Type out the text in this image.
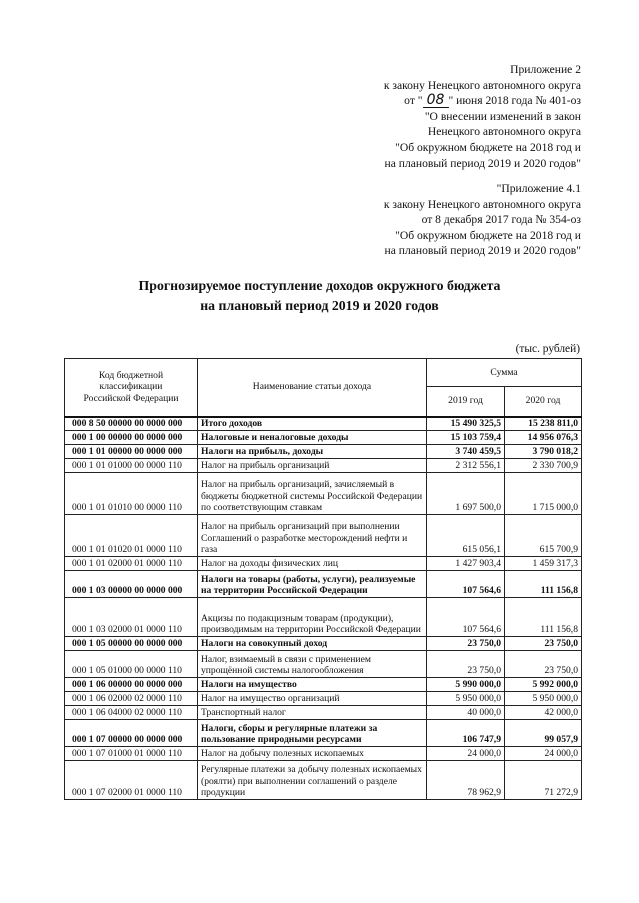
Приложение 2
к закону Ненецкого автономного округа
от " 08 " июня 2018 года № 401-оз
"О внесении изменений в закон
Ненецкого автономного округа
"Об окружном бюджете на 2018 год и
на плановый период 2019 и 2020 годов"
"Приложение 4.1
к закону Ненецкого автономного округа
от 8 декабря 2017 года № 354-оз
"Об окружном бюджете на 2018 год и
на плановый период 2019 и 2020 годов"
Прогнозируемое поступление доходов окружного бюджета
на плановый период 2019 и 2020 годов
(тыс. рублей)
Код бюджетной классификации Российской Федерации	Наименование статьи дохода	Сумма	
		2019 год	2020 год
000 8 50 00000 00 0000 000	Итого доходов	15 490 325,5	15 238 811,0
000 1 00 00000 00 0000 000	Налоговые и неналоговые доходы	15 103 759,4	14 956 076,3
000 1 01 00000 00 0000 000	Налоги на прибыль, доходы	3 740 459,5	3 790 018,2
000 1 01 01000 00 0000 110	Налог на прибыль организаций	2 312 556,1	2 330 700,9
000 1 01 01010 00 0000 110	Налог на прибыль организаций, зачисляемый в бюджеты бюджетной системы Российской Федерации по соответствующим ставкам	1 697 500,0	1 715 000,0
000 1 01 01020 01 0000 110	Налог на прибыль организаций при выполнении Соглашений о разработке месторождений нефти и газа	615 056,1	615 700,9
000 1 01 02000 01 0000 110	Налог на доходы физических лиц	1 427 903,4	1 459 317,3
000 1 03 00000 00 0000 000	Налоги на товары (работы, услуги), реализуемые на территории Российской Федерации	107 564,6	111 156,8
000 1 03 02000 01 0000 110	Акцизы по подакцизным товарам (продукции), производимым на территории Российской Федерации	107 564,6	111 156,8
000 1 05 00000 00 0000 000	Налоги на совокупный доход	23 750,0	23 750,0
000 1 05 01000 00 0000 110	Налог, взимаемый в связи с применением упрощённой системы налогообложения	23 750,0	23 750,0
000 1 06 00000 00 0000 000	Налоги на имущество	5 990 000,0	5 992 000,0
000 1 06 02000 02 0000 110	Налог на имущество организаций	5 950 000,0	5 950 000,0
000 1 06 04000 02 0000 110	Транспортный налог	40 000,0	42 000,0
000 1 07 00000 00 0000 000	Налоги, сборы и регулярные платежи за пользование природными ресурсами	106 747,9	99 057,9
000 1 07 01000 01 0000 110	Налог на добычу полезных ископаемых	24 000,0	24 000,0
000 1 07 02000 01 0000 110	Регулярные платежи за добычу полезных ископаемых (роялти) при выполнении соглашений о разделе продукции	78 962,9	71 272,9
